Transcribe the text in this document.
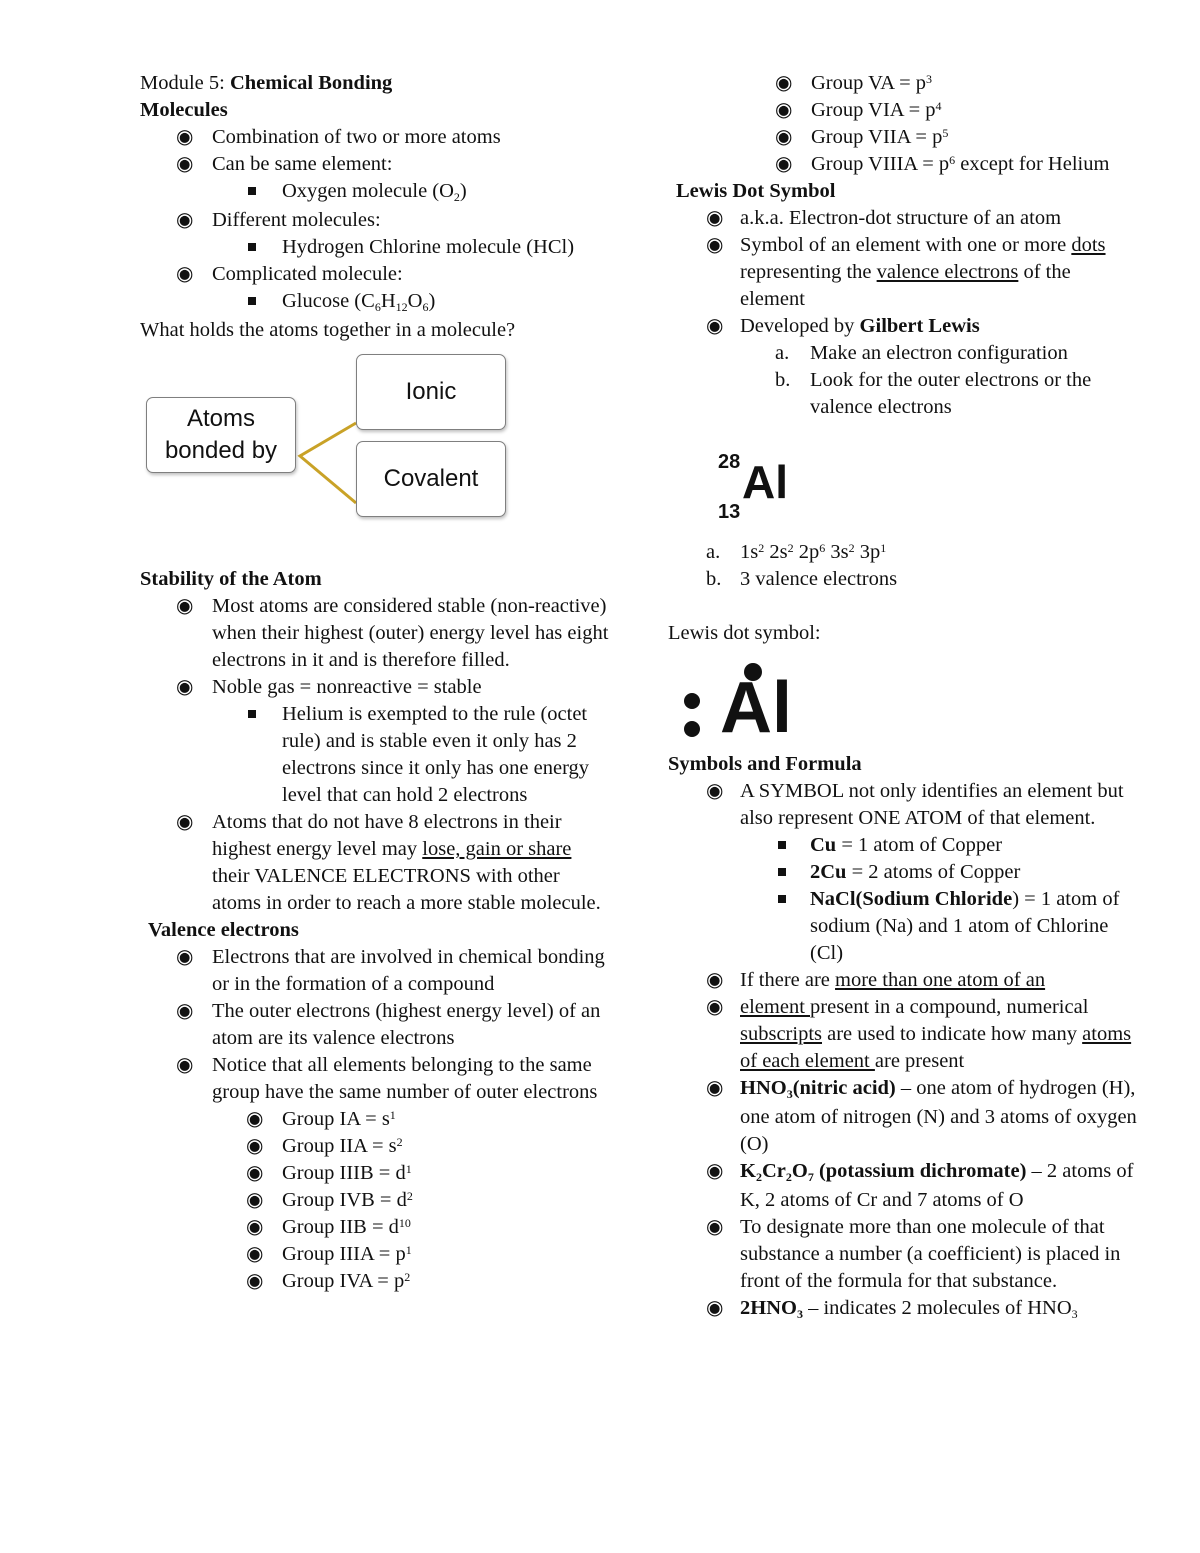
Module 5: Chemical Bonding

Molecules

◉ Combination of two or more atoms
◉ Can be same element:
Oxygen molecule $(O_2)$
◉ Different molecules:
Hydrogen Chlorine molecule (HCl)
◉ Complicated molecule:
Glucose $(C_6H_{12}O_6)$

What holds the atoms together in a molecule?

Atoms
bonded by
Ionic
Covalent

Stability of the Atom

◉ Most atoms are considered stable (non-reactive) when their highest (outer) energy level has eight electrons in it and is therefore filled.
◉ Noble gas = nonreactive = stable
Helium is exempted to the rule (octet rule) and is stable even it only has 2 electrons since it only has one energy level that can hold 2 electrons
◉ Atoms that do not have 8 electrons in their highest energy level may lose, gain or share their VALENCE ELECTRONS with other atoms in order to reach a more stable molecule.

Valence electrons

◉ Electrons that are involved in chemical bonding or in the formation of a compound
◉ The outer electrons (highest energy level) of an atom are its valence electrons
◉ Notice that all elements belonging to the same group have the same number of outer electrons
◉ Group IA = $s^1$
◉ Group IIA = $s^2$
◉ Group IIIB = $d^1$
◉ Group IVB = $d^2$
◉ Group IIB = $d^{10}$
◉ Group IIIA = $p^1$
◉ Group IVA = $p^2$
◉ Group VA = $p^3$
◉ Group VIA = $p^4$
◉ Group VIIA = $p^5$
◉ Group VIIIA = $p^6$ except for Helium

Lewis Dot Symbol

◉ a.k.a. Electron-dot structure of an atom
◉ Symbol of an element with one or more dots representing the valence electrons of the element
◉ Developed by Gilbert Lewis
a. Make an electron configuration
b. Look for the outer electrons or the valence electrons
28
13
Al
a. $1s^2$ $2s^2$ $2p^6$ $3s^2$ $3p^1$
b. 3 valence electrons

Lewis dot symbol:

Al

Symbols and Formula

◉ A SYMBOL not only identifies an element but also represent ONE ATOM of that element.
Cu = 1 atom of Copper
2Cu = 2 atoms of Copper
NaCl(Sodium Chloride) = 1 atom of sodium (Na) and 1 atom of Chlorine (Cl)
◉ If there are more than one atom of an
◉ element present in a compound, numerical subscripts are used to indicate how many atoms of each element are present
◉ $HNO_3(nitric$ acid) – one atom of hydrogen (H), one atom of nitrogen (N) and 3 atoms of oxygen (O)
◉ $K_2Cr_2O_7$ (potassium dichromate) – 2 atoms of K, 2 atoms of Cr and 7 atoms of O
◉ To designate more than one molecule of that substance a number (a coefficient) is placed in front of the formula for that substance.
◉ $2HNO_3$ – indicates 2 molecules of $HNO_3$
